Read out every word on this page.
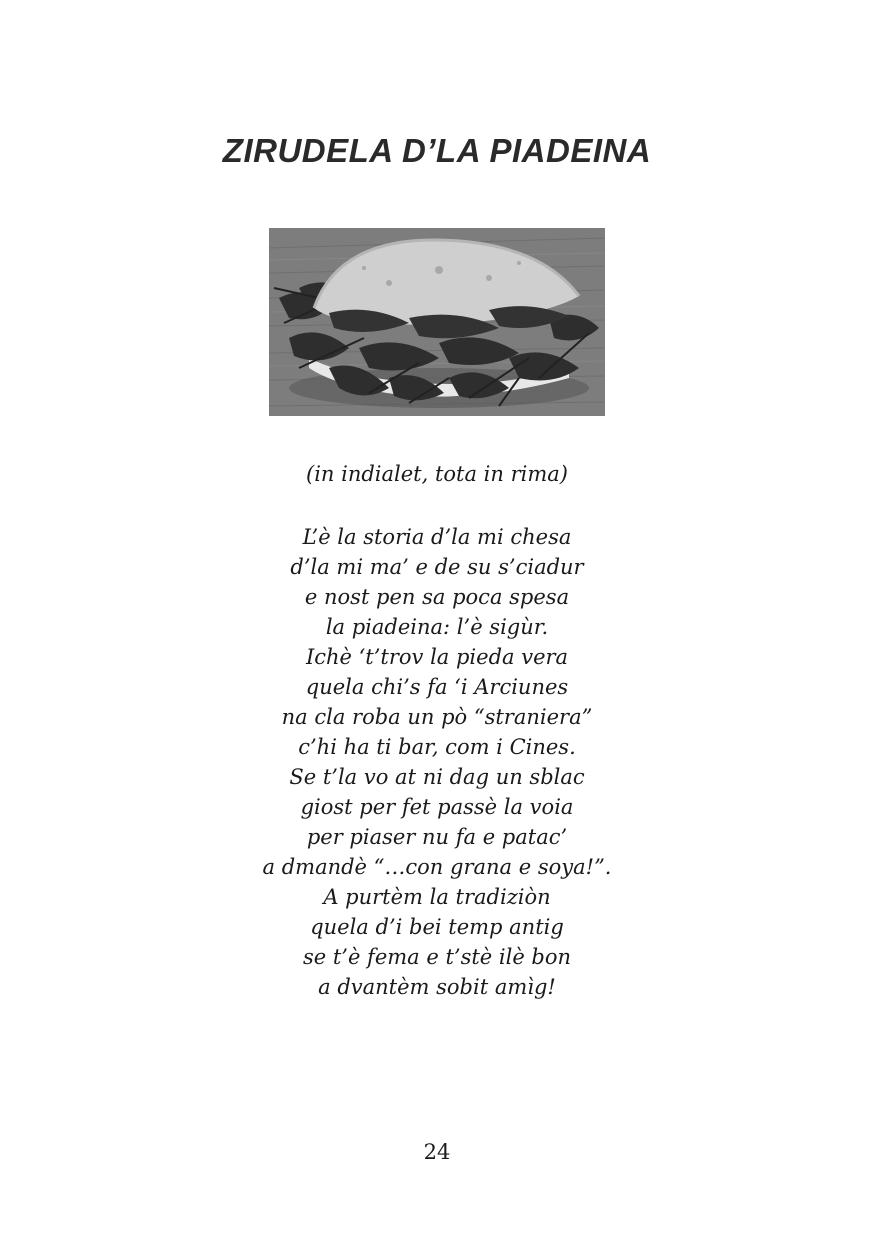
ZIRUDELA D’LA PIADEINA
(in indialet, tota in rima)
L’è la storia d’la mi chesa
d’la mi ma’ e de su s’ciadur
e nost pen sa poca spesa
la piadeina: l’è sigùr.
Ichè ‘t’trov la pieda vera
quela chi’s fa ‘i Arciunes
na cla roba un pò “straniera”
c’hi ha ti bar, com i Cines.
Se t’la vo at ni dag un sblac
giost per fet passè la voia
per piaser nu fa e patac’
a dmandè “…con grana e soya!”.
A purtèm la tradiziòn
quela d’i bei temp antig
se t’è fema e t’stè ilè bon
a dvantèm sobit amìg!
24
